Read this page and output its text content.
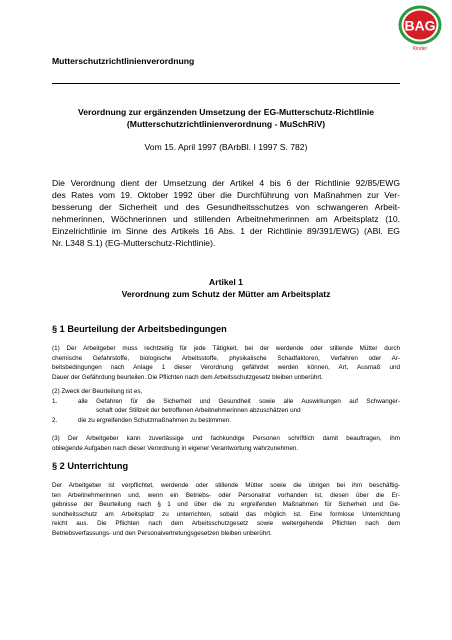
BAG
Kinder
Mutterschutzrichtlinienverordnung
Verordnung zur ergänzenden Umsetzung der EG-Mutterschutz-Richtlinie
(Mutterschutzrichtlinienverordnung - MuSchRiV)
Vom 15. April 1997 (BArbBl. I 1997 S. 782)
Die Verordnung dient der Umsetzung der Artikel 4 bis 6 der Richtlinie 92/85/EWG
des Rates vom 19. Oktober 1992 über die Durchführung von Maßnahmen zur Ver-
besserung der Sicherheit und des Gesundheitsschutzes von schwangeren Arbeit-
nehmerinnen, Wöchnerinnen und stillenden Arbeitnehmerinnen am Arbeitsplatz (10.
Einzelrichtlinie im Sinne des Artikels 16 Abs. 1 der Richtlinie 89/391/EWG) (ABl. EG
Nr. L348 S.1) (EG-Mutterschutz-Richtlinie).
Artikel 1
Verordnung zum Schutz der Mütter am Arbeitsplatz
§ 1 Beurteilung der Arbeitsbedingungen
(1) Der Arbeitgeber muss rechtzeitig für jede Tätigkeit, bei der werdende oder stillende Mütter durch
chemische Gefahrstoffe, biologische Arbeitsstoffe, physikalische Schadfaktoren, Verfahren oder Ar-
beitsbedingungen nach Anlage 1 dieser Verordnung gefährdet werden können, Art, Ausmaß und
Dauer der Gefährdung beurteilen. Die Pflichten nach dem Arbeitsschutzgesetz bleiben unberührt.
(2) Zweck der Beurteilung ist es,
1.	alle Gefahren für die Sicherheit und Gesundheit sowie alle Auswirkungen auf Schwanger-
schaft oder Stillzeit der betroffenen Arbeitnehmerinnen abzuschätzen und
2.	die zu ergreifenden Schutzmaßnahmen zu bestimmen.
(3) Der Arbeitgeber kann zuverlässige und fachkundige Personen schriftlich damit beauftragen, ihm
obliegende Aufgaben nach dieser Verordnung in eigener Verantwortung wahrzunehmen.
§ 2 Unterrichtung
Der Arbeitgeber ist verpflichtet, werdende oder stillende Mütter sowie die übrigen bei ihm beschäftig-
ten Arbeitnehmerinnen und, wenn ein Betriebs- oder Personalrat vorhanden ist, diesen über die Er-
gebnisse der Beurteilung nach § 1 und über die zu ergreifenden Maßnahmen für Sicherheit und Ge-
sundheitsschutz am Arbeitsplatz zu unterrichten, sobald das möglich ist. Eine formlose Unterrichtung
reicht aus. Die Pflichten nach dem Arbeitsschutzgesetz sowie weitergehende Pflichten nach dem
Betriebsverfassungs- und den Personalvertretungsgesetzen bleiben unberührt.
